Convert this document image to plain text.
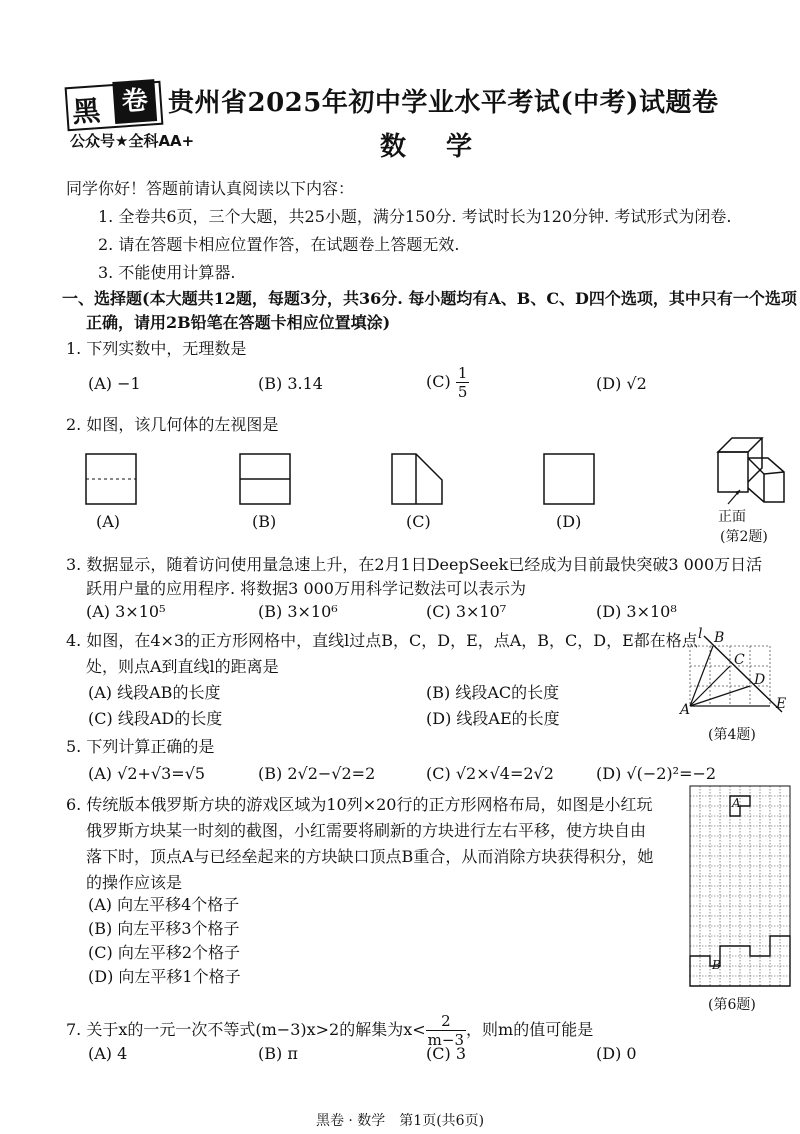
黑 卷
公众号★全科AA+
贵州省2025年初中学业水平考试(中考)试题卷
数学
同学你好！答题前请认真阅读以下内容：
1. 全卷共6页，三个大题，共25小题，满分150分. 考试时长为120分钟. 考试形式为闭卷.
2. 请在答题卡相应位置作答，在试题卷上答题无效.
3. 不能使用计算器.
一、选择题(本大题共12题，每题3分，共36分. 每小题均有A、B、C、D四个选项，其中只有一个选项
正确，请用2B铅笔在答题卡相应位置填涂)
1. 下列实数中，无理数是
(A) −1	(B) 3.14	$(C) \frac{1}{5}$	(D) √2
2. 如图，该几何体的左视图是
(A)	(B)	(C)	(D)	正面
(第2题)
3. 数据显示，随着访问使用量急速上升，在2月1日DeepSeek已经成为目前最快突破3 000万日活
跃用户量的应用程序. 将数据3 000万用科学记数法可以表示为
(A) 3×10⁵	(B) 3×10⁶	(C) 3×10⁷	(D) 3×10⁸
4. 如图，在4×3的正方形网格中，直线l过点B，C，D，E，点A，B，C，D，E都在格点
处，则点A到直线l的距离是
(A) 线段AB的长度	(B) 线段AC的长度
(C) 线段AD的长度	(D) 线段AE的长度
l B
C
D
E
A
(第4题)
5. 下列计算正确的是
(A) √2+√3=√5	(B) 2√2−√2=2	(C) √2×√4=2√2	(D) √(−2)²=−2
6. 传统版本俄罗斯方块的游戏区域为10列×20行的正方形网格布局，如图是小红玩
俄罗斯方块某一时刻的截图，小红需要将刷新的方块进行左右平移，使方块自由
落下时，顶点A与已经垒起来的方块缺口顶点B重合，从而消除方块获得积分，她
的操作应该是
(A) 向左平移4个格子
(B) 向左平移3个格子
(C) 向左平移2个格子
(D) 向左平移1个格子
A
B
(第6题)
7. 关于x的一元一次不等式(m−3)x>2的解集为$x< \frac{2}{m-3}$ ，则m的值可能是
(A) 4	(B) π	(C) 3	(D) 0
黑卷 · 数学　第1页(共6页)
